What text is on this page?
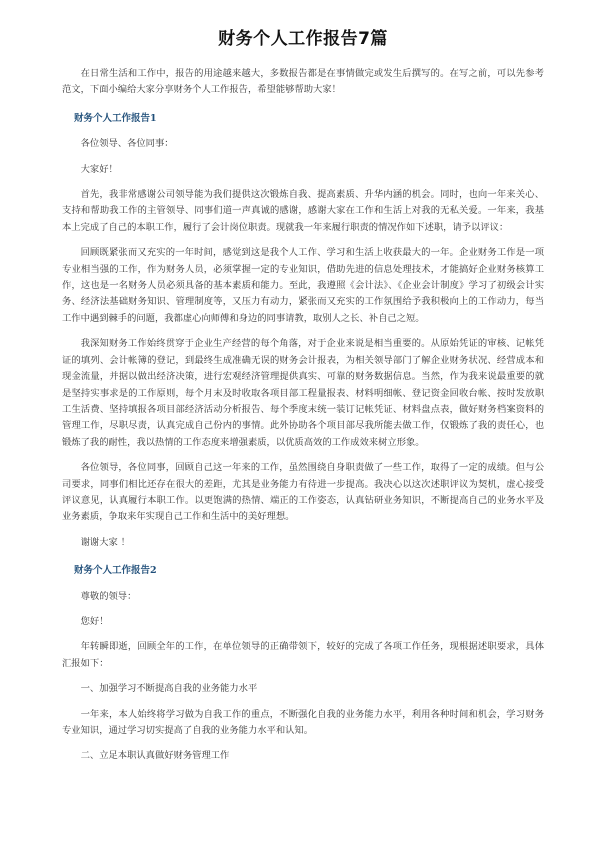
财务个人工作报告7篇

在日常生活和工作中，报告的用途越来越大，多数报告都是在事情做完或发生后撰写的。在写之前，可以先参考范文，下面小编给大家分享财务个人工作报告，希望能够帮助大家！

财务个人工作报告1

各位领导、各位同事：

大家好！

首先，我非常感谢公司领导能为我们提供这次锻炼自我、提高素质、升华内涵的机会。同时，也向一年来关心、支持和帮助我工作的主管领导、同事们道一声真诚的感谢，感谢大家在工作和生活上对我的无私关爱。一年来，我基本上完成了自己的本职工作，履行了会计岗位职责。现就我一年来履行职责的情况作如下述职，请予以评议：

回顾既紧张而又充实的一年时间，感觉到这是我个人工作、学习和生活上收获最大的一年。企业财务工作是一项专业相当强的工作，作为财务人员，必须掌握一定的专业知识，借助先进的信息处理技术，才能搞好企业财务核算工作，这也是一名财务人员必须具备的基本素质和能力。至此，我遵照《会计法》、《企业会计制度》学习了初级会计实务、经济法基础财务知识、管理制度等，又压力有动力，紧张而又充实的工作氛围给予我积极向上的工作动力，每当工作中遇到棘手的问题，我都虚心向师傅和身边的同事请教，取别人之长、补自己之短。

我深知财务工作始终贯穿于企业生产经营的每个角落，对于企业来说是相当重要的。从原始凭证的审核、记帐凭证的填列、会计帐簿的登记，到最终生成准确无误的财务会计报表，为相关领导部门了解企业财务状况、经营成本和现金流量，并据以做出经济决策，进行宏观经济管理提供真实、可靠的财务数据信息。当然，作为我来说最重要的就是坚持实事求是的工作原则，每个月末及时收取各项目部工程量报表、材料明细帐、登记资金回收台帐、按时发放职工生活费、坚持填报各项目部经济活动分析报告、每个季度末统一装订记帐凭证、材料盘点表，做好财务档案资料的管理工作，尽职尽责，认真完成自己份内的事情。此外协助各个项目部尽我所能去做工作，仅锻炼了我的责任心，也锻炼了我的耐性，我以热情的工作态度来增强素质，以优质高效的工作成效来树立形象。

各位领导，各位同事，回顾自己这一年来的工作，虽然围绕自身职责做了一些工作，取得了一定的成绩。但与公司要求，同事们相比还存在很大的差距，尤其是业务能力有待进一步提高。我决心以这次述职评议为契机，虚心接受评议意见，认真履行本职工作。以更饱满的热情、端正的工作姿态，认真钻研业务知识，不断提高自己的业务水平及业务素质，争取来年实现自己工作和生活中的美好理想。

谢谢大家 ！

财务个人工作报告2

尊敬的领导：

您好！

年转瞬即逝，回顾全年的工作，在单位领导的正确带领下，较好的完成了各项工作任务，现根据述职要求，具体汇报如下：

一、加强学习不断提高自我的业务能力水平

一年来，本人始终将学习做为自我工作的重点，不断强化自我的业务能力水平，利用各种时间和机会，学习财务专业知识，通过学习切实提高了自我的业务能力水平和认知。

二、立足本职认真做好财务管理工作
